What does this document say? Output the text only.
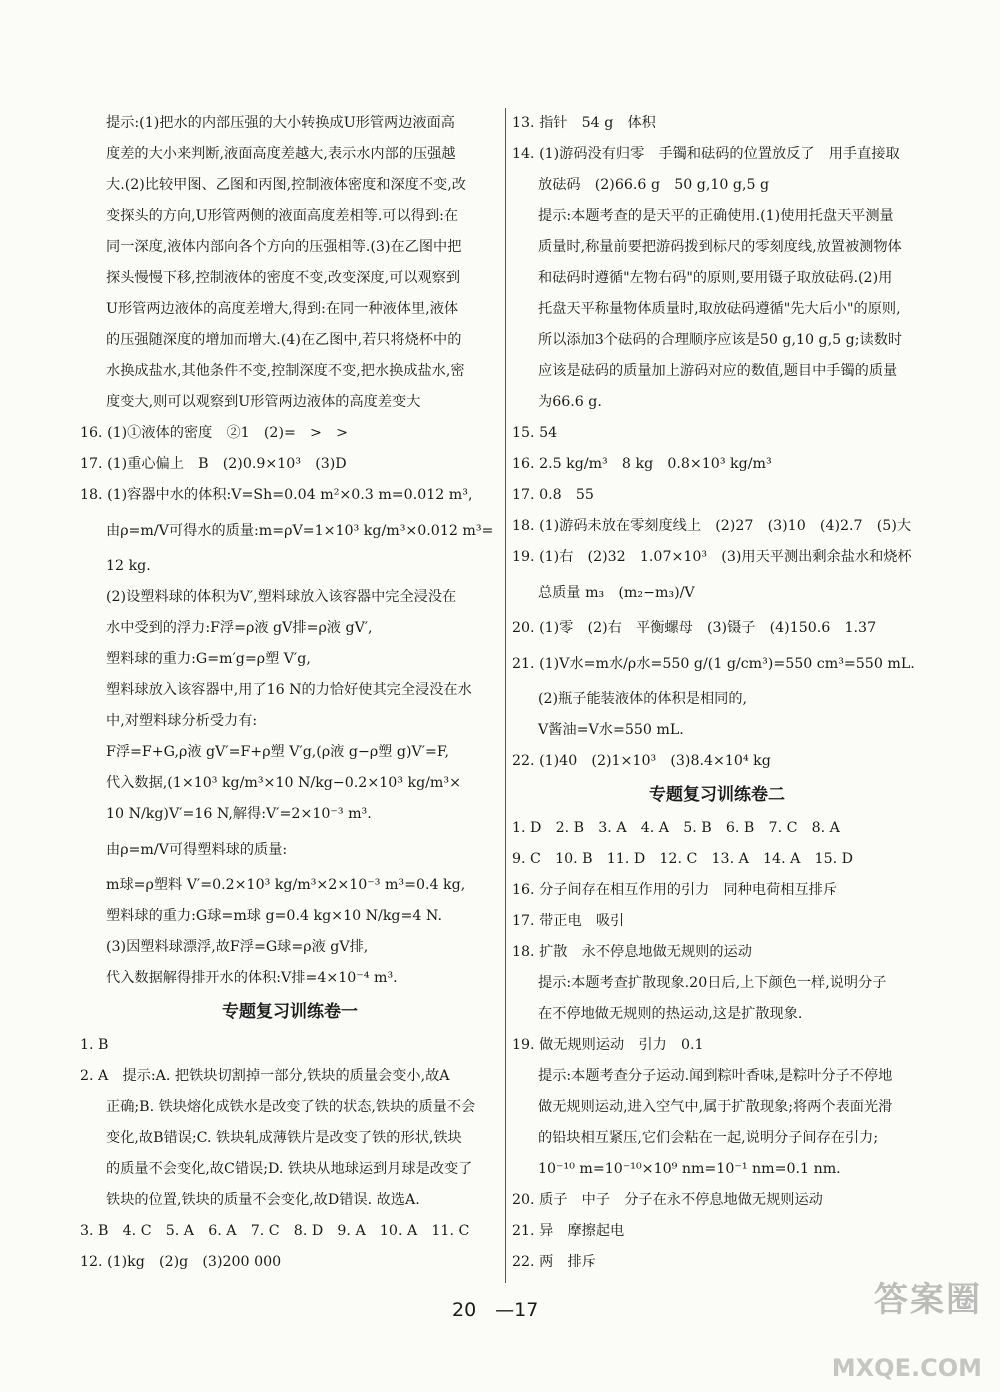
提示:(1)把水的内部压强的大小转换成U形管两边液面高
度差的大小来判断,液面高度差越大,表示水内部的压强越
大.(2)比较甲图、乙图和丙图,控制液体密度和深度不变,改
变探头的方向,U形管两侧的液面高度差相等.可以得到:在
同一深度,液体内部向各个方向的压强相等.(3)在乙图中把
探头慢慢下移,控制液体的密度不变,改变深度,可以观察到
U形管两边液体的高度差增大,得到:在同一种液体里,液体
的压强随深度的增加而增大.(4)在乙图中,若只将烧杯中的
水换成盐水,其他条件不变,控制深度不变,把水换成盐水,密
度变大,则可以观察到U形管两边液体的高度差变大
16. (1)①液体的密度　②1　(2)=　>　>
17. (1)重心偏上　B　(2)0.9×10³　(3)D
18. (1)容器中水的体积:V=Sh=0.04 m²×0.3 m=0.012 m³,
由ρ=m/V可得水的质量:m=ρV=1×10³ kg/m³×0.012 m³=
12 kg.
(2)设塑料球的体积为V′,塑料球放入该容器中完全浸没在
水中受到的浮力:F浮=ρ液 gV排=ρ液 gV′,
塑料球的重力:G=m′g=ρ塑 V′g,
塑料球放入该容器中,用了16 N的力恰好使其完全浸没在水
中,对塑料球分析受力有:
F浮=F+G,ρ液 gV′=F+ρ塑 V′g,(ρ液 g−ρ塑 g)V′=F,
代入数据,(1×10³ kg/m³×10 N/kg−0.2×10³ kg/m³×
10 N/kg)V′=16 N,解得:V′=2×10⁻³ m³.
由ρ=m/V可得塑料球的质量:
m球=ρ塑料 V′=0.2×10³ kg/m³×2×10⁻³ m³=0.4 kg,
塑料球的重力:G球=m球 g=0.4 kg×10 N/kg=4 N.
(3)因塑料球漂浮,故F浮=G球=ρ液 gV排,
代入数据解得排开水的体积:V排=4×10⁻⁴ m³.
专题复习训练卷一
1. B
2. A　提示:A. 把铁块切割掉一部分,铁块的质量会变小,故A
正确;B. 铁块熔化成铁水是改变了铁的状态,铁块的质量不会
变化,故B错误;C. 铁块轧成薄铁片是改变了铁的形状,铁块
的质量不会变化,故C错误;D. 铁块从地球运到月球是改变了
铁块的位置,铁块的质量不会变化,故D错误. 故选A.
3. B　4. C　5. A　6. A　7. C　8. D　9. A　10. A　11. C
12. (1)kg　(2)g　(3)200 000
13. 指针　54 g　体积
14. (1)游码没有归零　手镯和砝码的位置放反了　用手直接取
放砝码　(2)66.6 g　50 g,10 g,5 g
提示:本题考查的是天平的正确使用.(1)使用托盘天平测量
质量时,称量前要把游码拨到标尺的零刻度线,放置被测物体
和砝码时遵循"左物右码"的原则,要用镊子取放砝码.(2)用
托盘天平称量物体质量时,取放砝码遵循"先大后小"的原则,
所以添加3个砝码的合理顺序应该是50 g,10 g,5 g;读数时
应该是砝码的质量加上游码对应的数值,题目中手镯的质量
为66.6 g.
15. 54
16. 2.5 kg/m³　8 kg　0.8×10³ kg/m³
17. 0.8　55
18. (1)游码未放在零刻度线上　(2)27　(3)10　(4)2.7　(5)大
19. (1)右　(2)32　1.07×10³　(3)用天平测出剩余盐水和烧杯
总质量 m₃　(m₂−m₃)/V
20. (1)零　(2)右　平衡螺母　(3)镊子　(4)150.6　1.37
21. (1)V水=m水/ρ水=550 g/(1 g/cm³)=550 cm³=550 mL.
(2)瓶子能装液体的体积是相同的,
V酱油=V水=550 mL.
22. (1)40　(2)1×10³　(3)8.4×10⁴ kg
专题复习训练卷二
1. D　2. B　3. A　4. A　5. B　6. B　7. C　8. A
9. C　10. B　11. D　12. C　13. A　14. A　15. D
16. 分子间存在相互作用的引力　同种电荷相互排斥
17. 带正电　吸引
18. 扩散　永不停息地做无规则的运动
提示:本题考查扩散现象.20日后,上下颜色一样,说明分子
在不停地做无规则的热运动,这是扩散现象.
19. 做无规则运动　引力　0.1
提示:本题考查分子运动.闻到粽叶香味,是粽叶分子不停地
做无规则运动,进入空气中,属于扩散现象;将两个表面光滑
的铅块相互紧压,它们会粘在一起,说明分子间存在引力;
10⁻¹⁰ m=10⁻¹⁰×10⁹ nm=10⁻¹ nm=0.1 nm.
20. 质子　中子　分子在永不停息地做无规则运动
21. 异　摩擦起电
22. 两　排斥
20　—17	答案圈
MXQE.COM
